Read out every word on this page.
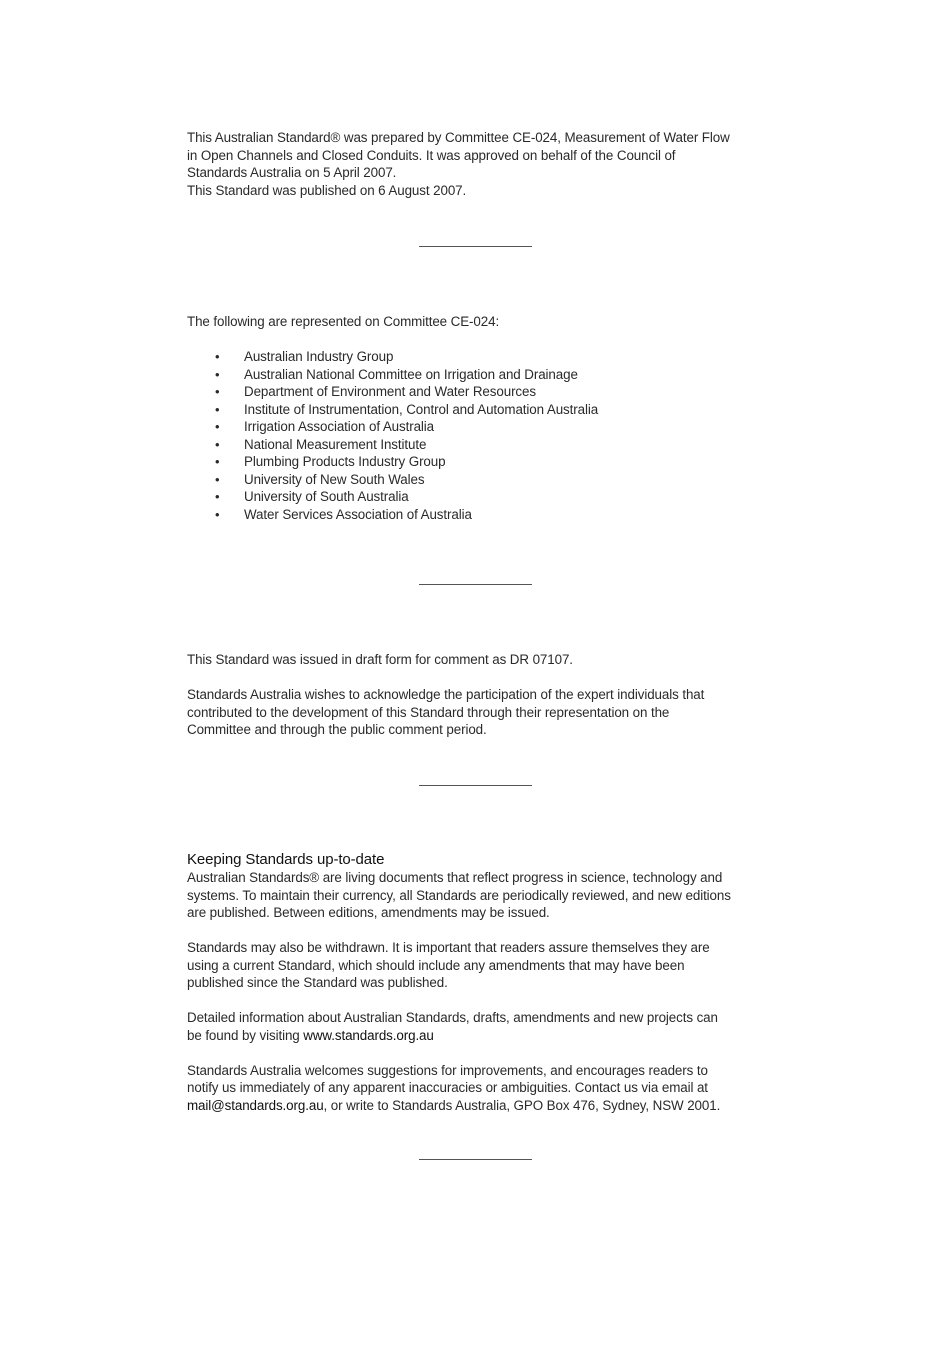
This Australian Standard® was prepared by Committee CE-024, Measurement of Water Flow

in Open Channels and Closed Conduits. It was approved on behalf of the Council of

Standards Australia on 5 April 2007.

This Standard was published on 6 August 2007.

The following are represented on Committee CE-024:

• Australian Industry Group
• Australian National Committee on Irrigation and Drainage
• Department of Environment and Water Resources
• Institute of Instrumentation, Control and Automation Australia
• Irrigation Association of Australia
• National Measurement Institute
• Plumbing Products Industry Group
• University of New South Wales
• University of South Australia
• Water Services Association of Australia

This Standard was issued in draft form for comment as DR 07107.

Standards Australia wishes to acknowledge the participation of the expert individuals that

contributed to the development of this Standard through their representation on the

Committee and through the public comment period.

Keeping Standards up-to-date

Australian Standards® are living documents that reflect progress in science, technology and

systems. To maintain their currency, all Standards are periodically reviewed, and new editions

are published. Between editions, amendments may be issued.

Standards may also be withdrawn. It is important that readers assure themselves they are

using a current Standard, which should include any amendments that may have been

published since the Standard was published.

Detailed information about Australian Standards, drafts, amendments and new projects can

be found by visiting www.standards.org.au

Standards Australia welcomes suggestions for improvements, and encourages readers to

notify us immediately of any apparent inaccuracies or ambiguities. Contact us via email at

mail@standards.org.au, or write to Standards Australia, GPO Box 476, Sydney, NSW 2001.
